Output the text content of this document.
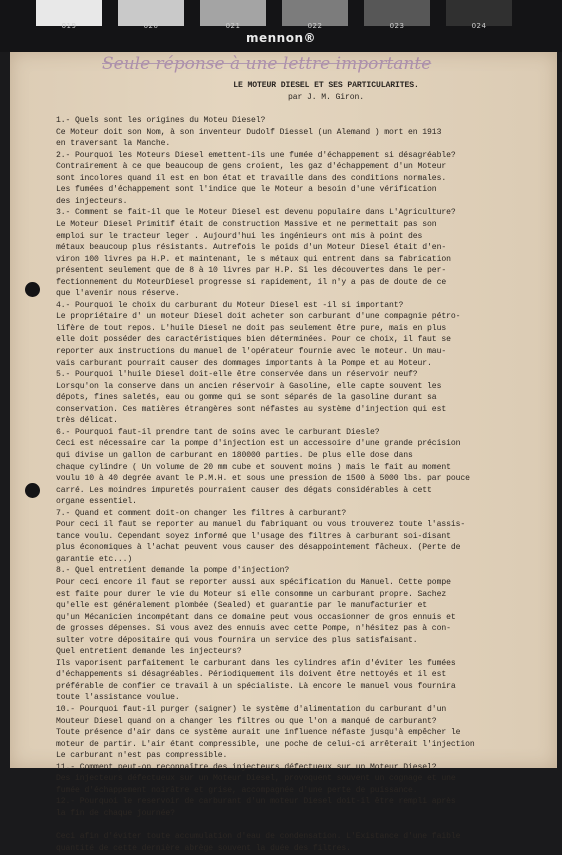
019	020	021	022	023	024
mennon®
Seule réponse à une lettre importante

LE MOTEUR DIESEL ET SES PARTICULARITES.

par J. M. Giron.

1.- Quels sont les origines du Moteu Diesel?

Ce Moteur doit son Nom, à son inventeur Dudolf Diessel (un Alemand ) mort en 1913

en traversant la Manche.

2.- Pourquoi les Moteurs Diesel emettent-ils une fumée d'échappement si désagréable?

Contrairement à ce que beaucoup de gens croient, les gaz d'échappement d'un Moteur

sont incolores quand il est en bon état et travaille dans des conditions normales.

Les fumées d'échappement sont l'indice que le Moteur a besoin d'une vérification

des injecteurs.

3.- Comment se fait-il que le Moteur Diesel est devenu populaire dans L'Agriculture?

Le Moteur Diesel Primitif était de construction Massive et ne permettait pas son

emploi sur le tracteur leger . Aujourd'hui les ingénieurs ont mis à point des

métaux beaucoup plus résistants. Autrefois le poids d'un Moteur Diesel était d'en-

viron 100 livres pa H.P. et maintenant, le s métaux qui entrent dans sa fabrication

présentent seulement que de 8 à 10 livres par H.P. Si les découvertes dans le per-

fectionnement du MoteurDiesel progresse si rapidement, il n'y a pas de doute de ce

que l'avenir nous réserve.

4.- Pourquoi le choix du carburant du Moteur Diesel est -il si important?

Le propriétaire d' un moteur Diesel doit acheter son carburant d'une compagnie pétro-

lifère de tout repos. L'huile Diesel ne doit pas seulement être pure, mais en plus

elle doit posséder des caractéristiques bien déterminées. Pour ce choix, il faut se

reporter aux instructions du manuel de l'opérateur fournie avec le moteur. Un mau-

vais carburant pourrait causer des dommages importants à la Pompe et au Moteur.

5.- Pourquoi l'huile Diesel doit-elle être conservée dans un réservoir neuf?

Lorsqu'on la conserve dans un ancien réservoir à Gasoline, elle capte souvent les

dépots, fines saletés, eau ou gomme qui se sont séparés de la gasoline durant sa

conservation. Ces matières étrangères sont néfastes au système d'injection qui est

très délicat.

6.- Pourquoi faut-il prendre tant de soins avec le carburant Diesle?

Ceci est nécessaire car la pompe d'injection est un accessoire d'une grande précision

qui divise un gallon de carburant en 180000 parties. De plus elle dose dans

chaque cylindre ( Un volume de 20 mm cube et souvent moins ) mais le fait au moment

voulu 10 à 40 degrée avant le P.M.H. et sous une pression de 1500 à 5000 lbs. par pouce

carré. Les moindres impuretés pourraient causer des dégats considérables à cett

organe essentiel.

7.- Quand et comment doit-on changer les filtres à carburant?

Pour ceci il faut se reporter au manuel du fabriquant ou vous trouverez toute l'assis-

tance voulu. Cependant soyez informé que l'usage des filtres à carburant soi-disant

plus économiques à l'achat peuvent vous causer des désappointement fâcheux. (Perte de

garantie etc...)

8.- Quel entretient demande la pompe d'injection?

Pour ceci encore il faut se reporter aussi aux spécification du Manuel. Cette pompe

est faite pour durer le vie du Moteur si elle consomme un carburant propre. Sachez

qu'elle est généralement plombée (Sealed) et guarantie par le manufacturier et

qu'un Mécanicien incompétant dans ce domaine peut vous occasionner de gros ennuis et

de grosses dépenses. Si vous avez des ennuis avec cette Pompe, n'hésitez pas à con-

sulter votre dépositaire qui vous fournira un service des plus satisfaisant.

Quel entretient demande les injecteurs?

Ils vaporisent parfaitement le carburant dans les cylindres afin d'éviter les fumées

d'échappements si désagréables. Périodiquement ils doivent être nettoyés et il est

préférable de confier ce travail à un spécialiste. Là encore le manuel vous fournira

toute l'assistance voulue.

10.- Pourquoi faut-il purger (saigner) le système d'alimentation du carburant d'un

Mouteur Diesel quand on a changer les filtres ou que l'on a manqué de carburant?

Toute présence d'air dans ce système aurait une influence néfaste jusqu'à empêcher le

moteur de partir. L'air étant compressible, une poche de celui-ci arrêterait l'injection

Le carburant n'est pas compressible.

11.- Comment peut-on reconnaître des injecteurs défectueux sur un Moteur Diesel?

Des injecteurs défectueux sur un Moteur Diesel, provoquent souvent un cognage et une

fumée d'échappement noirâtre et grise, accompagnée d'une perte de puissance.

12.- Pourquoi le reservoir de carburant d'un moteur Diesel doit-il être rempli après

la fin de chaque journée?

Ceci afin d'éviter toute accumulation d'eau de condensation. L'Existance d'une faible

quantité de cette dernière abrège souvent la duée des filtres.
